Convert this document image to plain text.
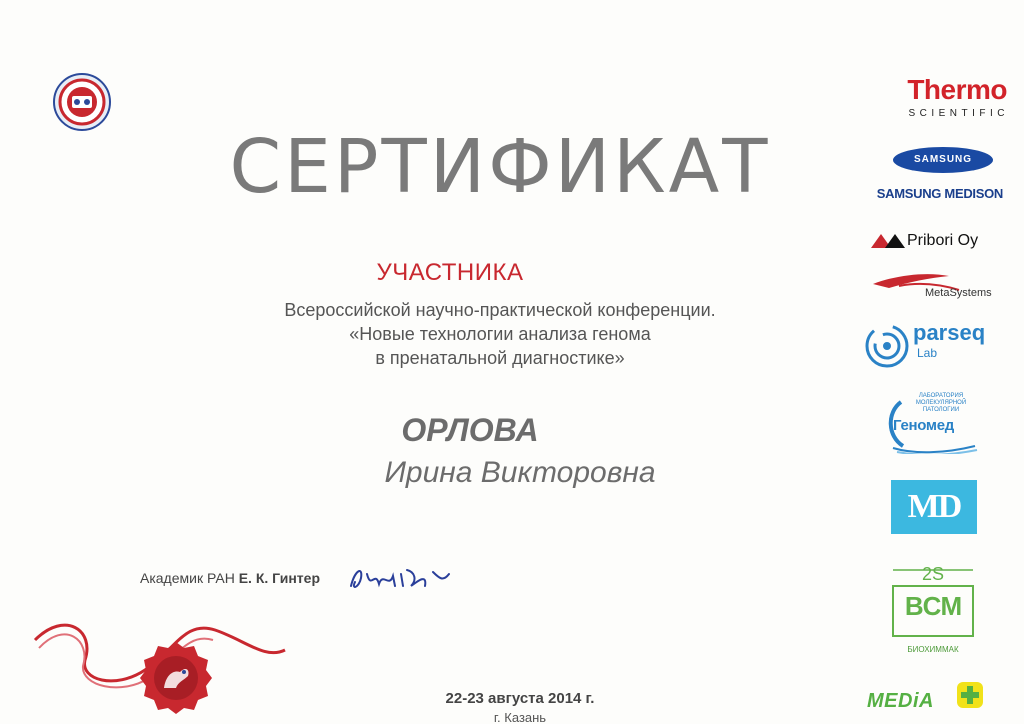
СЕРТИФИКАТ
УЧАСТНИКА
Всероссийской научно-практической конференции.
«Новые технологии анализа генома
в пренатальной диагностике»
ОРЛОВА
Ирина Викторовна
Академик РАН Е. К. Гинтер
22-23 августа 2014 г.
г. Казань
Thermo
SCIENTIFIC
SAMSUNG
SAMSUNG MEDISON
Pribori Oy
MetaSystems
parseq
Lab
ЛАБОРАТОРИЯ МОЛЕКУЛЯРНОЙ ПАТОЛОГИИ
Геномед
MD
2S
BCM
БИОХИММАК
MEDiA
